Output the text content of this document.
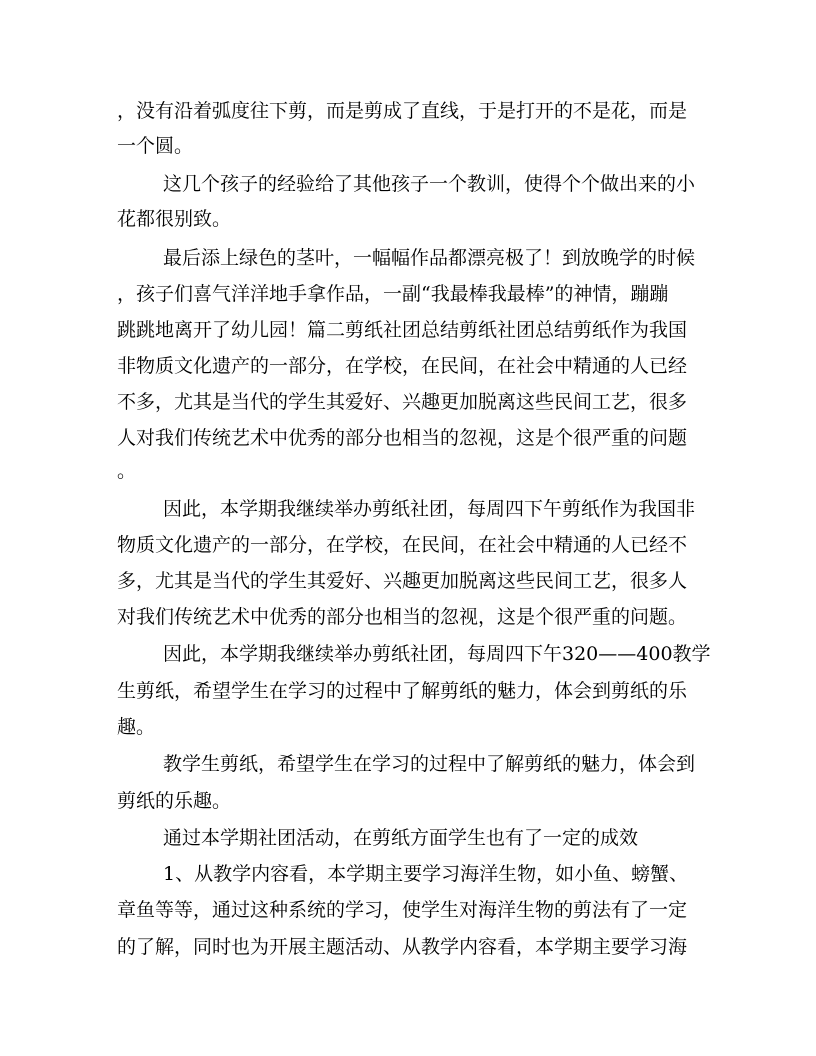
，没有沿着弧度往下剪，而是剪成了直线，于是打开的不是花，而是
一个圆。
这几个孩子的经验给了其他孩子一个教训，使得个个做出来的小
花都很别致。
最后添上绿色的茎叶，一幅幅作品都漂亮极了！到放晚学的时候
，孩子们喜气洋洋地手拿作品，一副“我最棒我最棒”的神情，蹦蹦
跳跳地离开了幼儿园！篇二剪纸社团总结剪纸社团总结剪纸作为我国
非物质文化遗产的一部分，在学校，在民间，在社会中精通的人已经
不多，尤其是当代的学生其爱好、兴趣更加脱离这些民间工艺，很多
人对我们传统艺术中优秀的部分也相当的忽视，这是个很严重的问题
。
因此，本学期我继续举办剪纸社团，每周四下午剪纸作为我国非
物质文化遗产的一部分，在学校，在民间，在社会中精通的人已经不
多，尤其是当代的学生其爱好、兴趣更加脱离这些民间工艺，很多人
对我们传统艺术中优秀的部分也相当的忽视，这是个很严重的问题。
因此，本学期我继续举办剪纸社团，每周四下午320——400教学
生剪纸，希望学生在学习的过程中了解剪纸的魅力，体会到剪纸的乐
趣。
教学生剪纸，希望学生在学习的过程中了解剪纸的魅力，体会到
剪纸的乐趣。
通过本学期社团活动，在剪纸方面学生也有了一定的成效
1、从教学内容看，本学期主要学习海洋生物，如小鱼、螃蟹、
章鱼等等，通过这种系统的学习，使学生对海洋生物的剪法有了一定
的了解，同时也为开展主题活动、从教学内容看，本学期主要学习海
